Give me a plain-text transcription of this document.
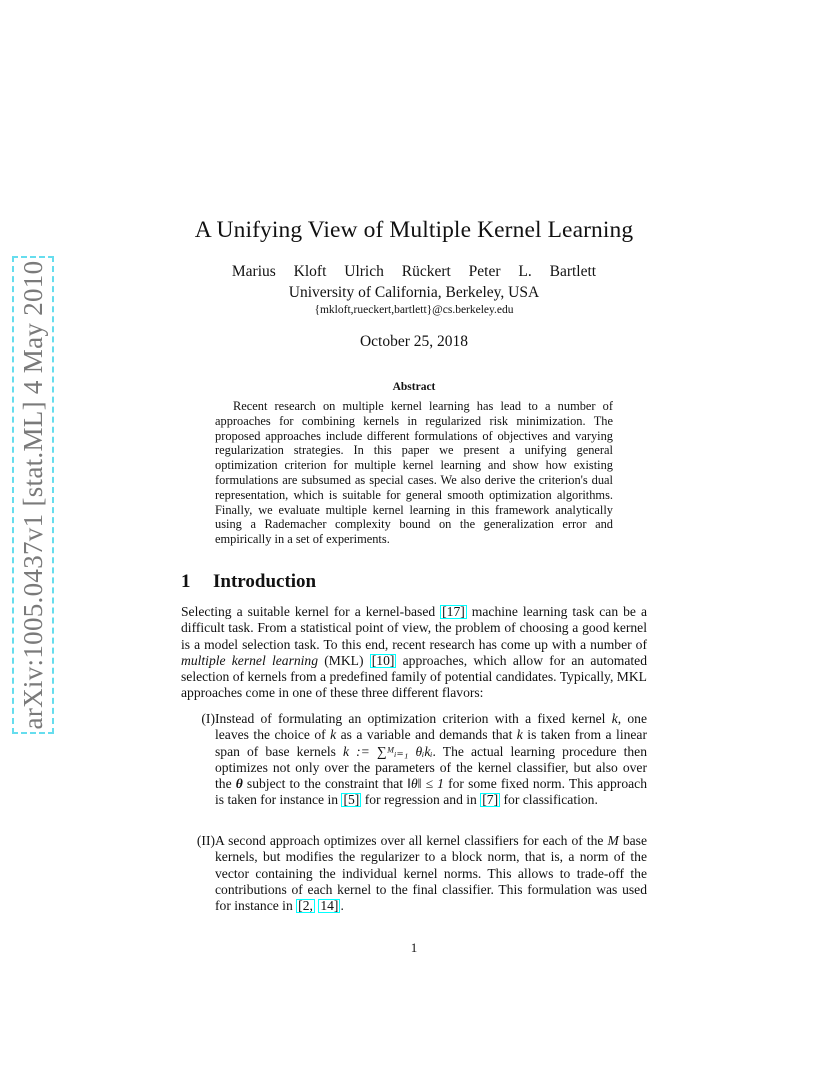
arXiv:1005.0437v1 [stat.ML] 4 May 2010
A Unifying View of Multiple Kernel Learning
Marius Kloft Ulrich Rückert Peter L. Bartlett
University of California, Berkeley, USA
{mkloft,rueckert,bartlett}@cs.berkeley.edu
October 25, 2018
Abstract
Recent research on multiple kernel learning has lead to a number of approaches for combining kernels in regularized risk minimization. The proposed approaches include different formulations of objectives and varying regularization strategies. In this paper we present a unifying general optimization criterion for multiple kernel learning and show how existing formulations are subsumed as special cases. We also derive the criterion's dual representation, which is suitable for general smooth optimization algorithms. Finally, we evaluate multiple kernel learning in this framework analytically using a Rademacher complexity bound on the generalization error and empirically in a set of experiments.
1 Introduction
Selecting a suitable kernel for a kernel-based [17] machine learning task can be a difficult task. From a statistical point of view, the problem of choosing a good kernel is a model selection task. To this end, recent research has come up with a number of multiple kernel learning (MKL) [10] approaches, which allow for an automated selection of kernels from a predefined family of potential candidates. Typically, MKL approaches come in one of these three different flavors:
(I) Instead of formulating an optimization criterion with a fixed kernel k, one leaves the choice of k as a variable and demands that k is taken from a linear span of base kernels k := ∑ᴹᵢ₌₁ θᵢkᵢ. The actual learning procedure then optimizes not only over the parameters of the kernel classifier, but also over the θ subject to the constraint that ‖θ‖ ≤ 1 for some fixed norm. This approach is taken for instance in [5] for regression and in [7] for classification.
(II) A second approach optimizes over all kernel classifiers for each of the M base kernels, but modifies the regularizer to a block norm, that is, a norm of the vector containing the individual kernel norms. This allows to trade-off the contributions of each kernel to the final classifier. This formulation was used for instance in [2, 14] .
1
